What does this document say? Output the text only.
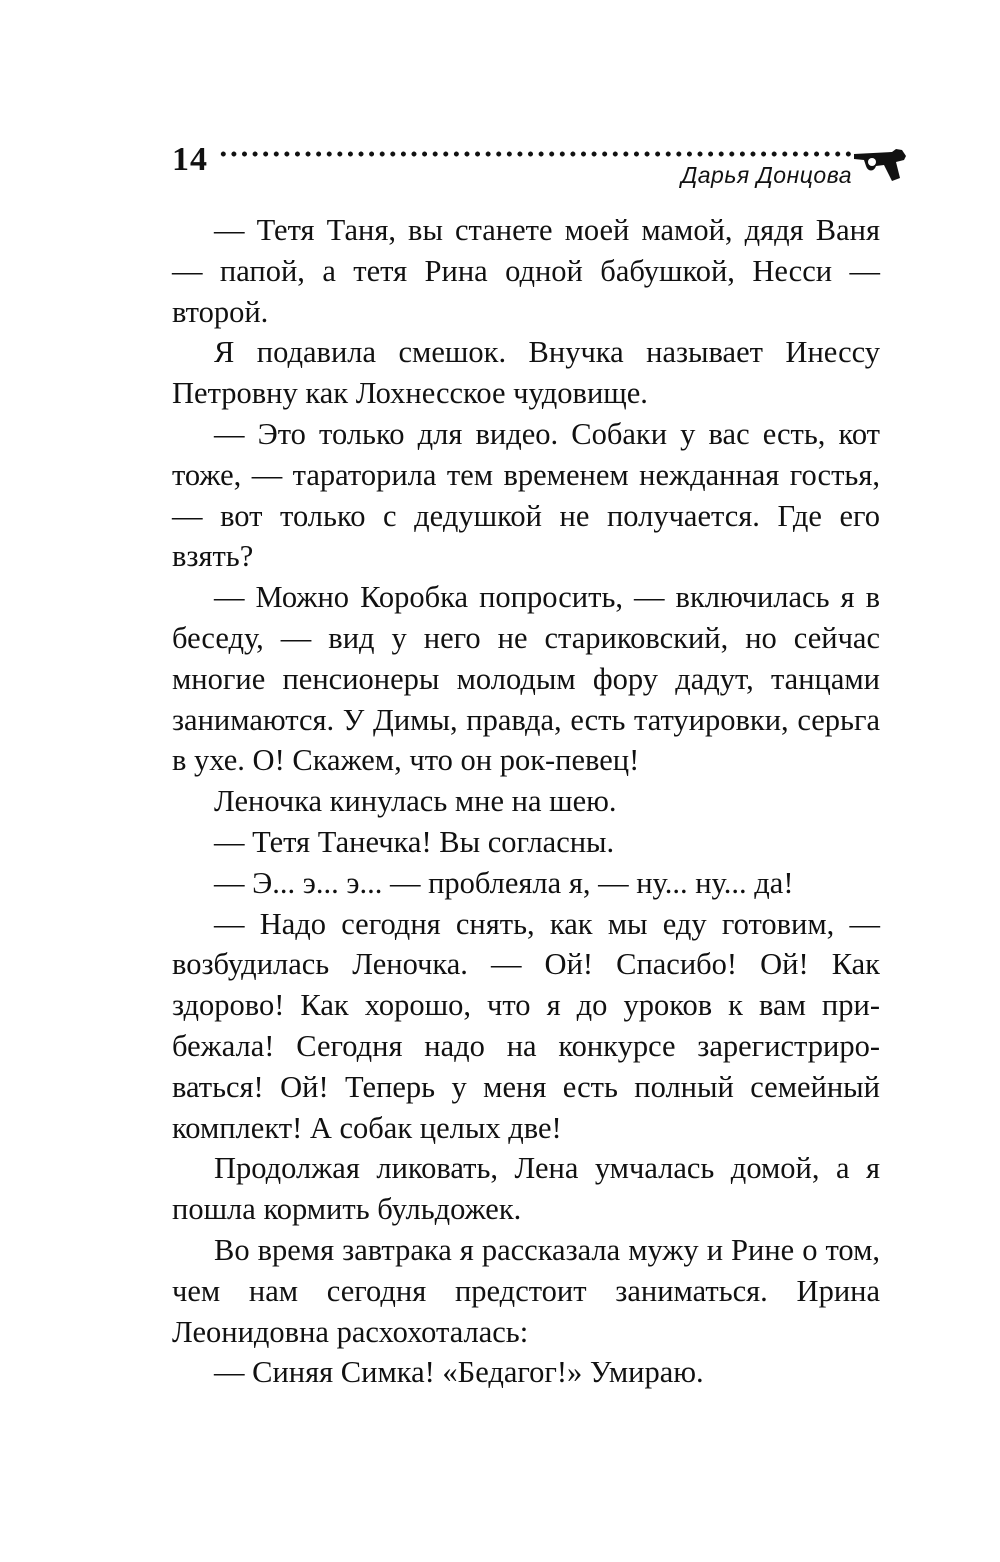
14	Дарья Донцова

— Тетя Таня, вы станете моей мамой, дядя Ваня — папой, а тетя Рина одной бабушкой, Несси — второй.

Я подавила смешок. Внучка называет Инессу Петровну как Лохнесское чудовище.

— Это только для видео. Собаки у вас есть, кот тоже, — тараторила тем временем нежданная гостья, — вот только с дедушкой не получается. Где его взять?

— Можно Коробка попросить, — включилась я в беседу, — вид у него не стариковский, но сейчас многие пенсионеры молодым фору дадут, танцами занимаются. У Димы, правда, есть татуировки, серьга в ухе. О! Скажем, что он рок-певец!

Леночка кинулась мне на шею.

— Тетя Танечка! Вы согласны.

— Э... э... э... — проблеяла я, — ну... ну... да!

— Надо сегодня снять, как мы еду готовим, — возбудилась Леночка. — Ой! Спасибо! Ой! Как здорово! Как хорошо, что я до уроков к вам прибежала! Сегодня надо на конкурсе зарегистрироваться! Ой! Теперь у меня есть полный семейный комплект! А собак целых две!

Продолжая ликовать, Лена умчалась домой, а я пошла кормить бульдожек.

Во время завтрака я рассказала мужу и Рине о том, чем нам сегодня предстоит заниматься. Ирина Леонидовна расхохоталась:

— Синяя Симка! «Бедагог!» Умираю.
